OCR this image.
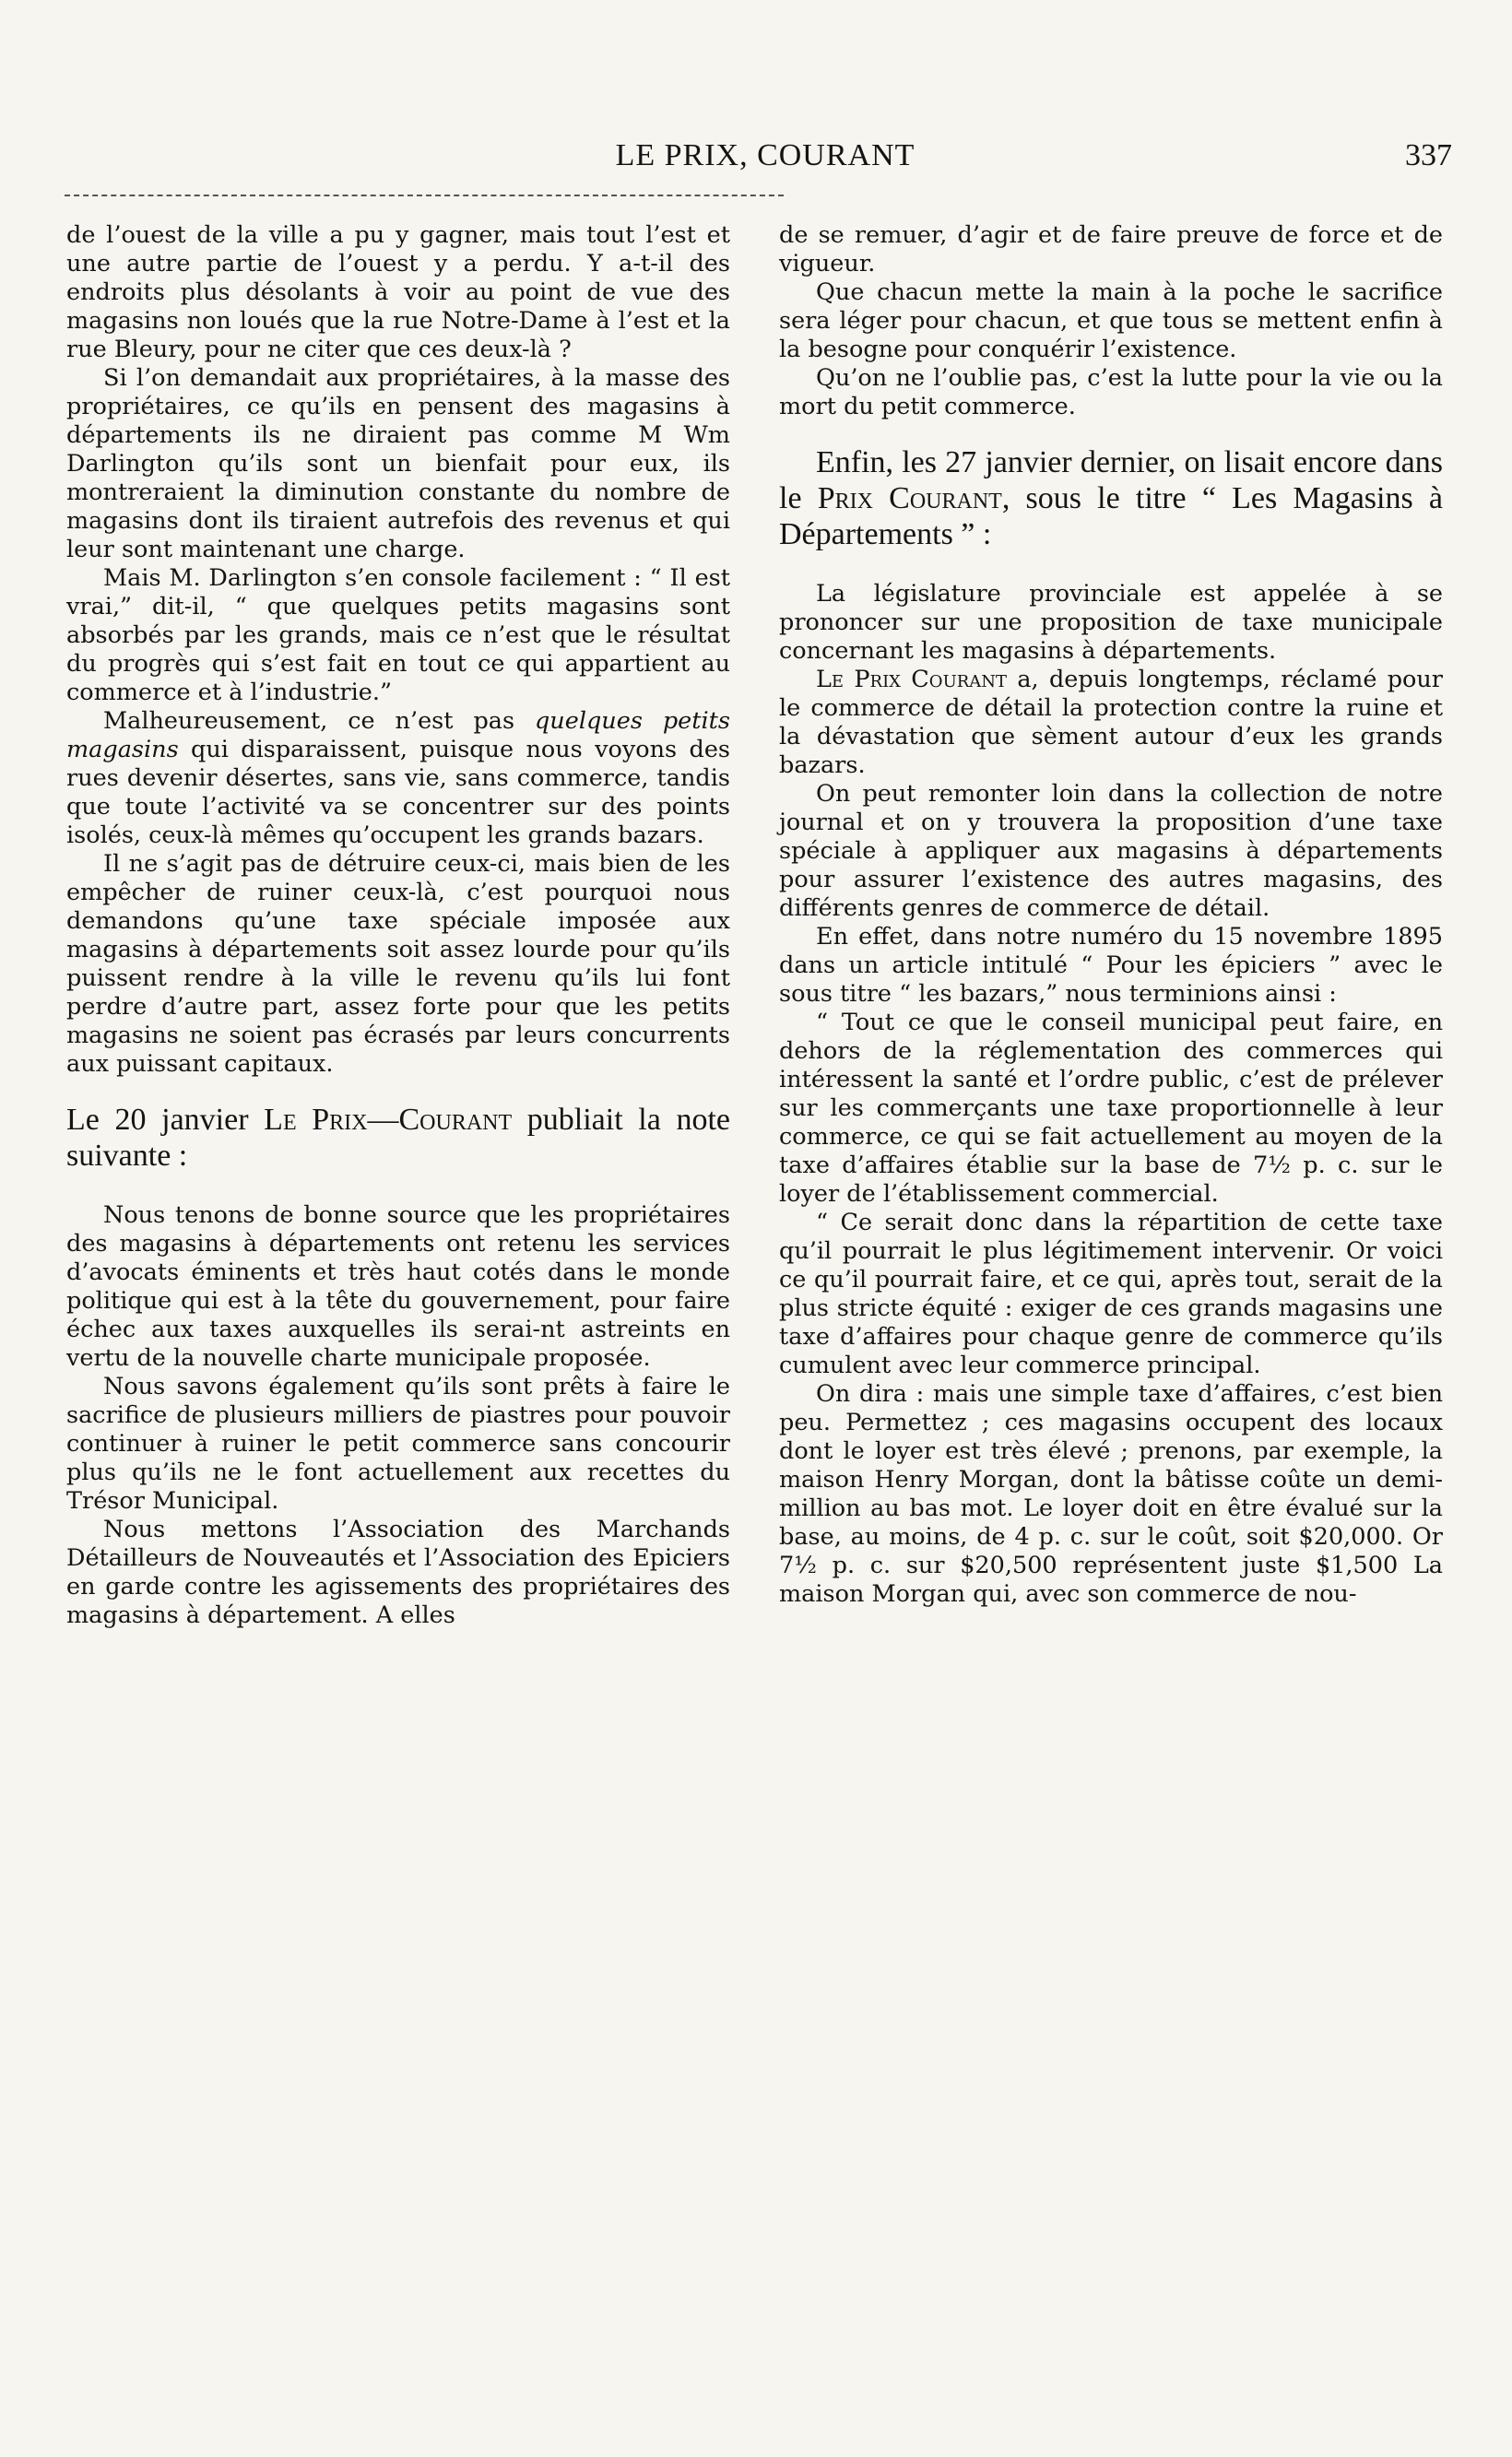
LE PRIX, COURANT	337

de l’ouest de la ville a pu y gagner, mais tout l’est et une autre partie de l’ouest y a perdu. Y a-t-il des endroits plus désolants à voir au point de vue des magasins non loués que la rue Notre-Dame à l’est et la rue Bleury, pour ne citer que ces deux-là ?

Si l’on demandait aux propriétaires, à la masse des propriétaires, ce qu’ils en pensent des magasins à départements ils ne diraient pas comme M Wm Darlington qu’ils sont un bienfait pour eux, ils montreraient la diminution constante du nombre de magasins dont ils tiraient autrefois des revenus et qui leur sont maintenant une charge.

Mais M. Darlington s’en console facilement : “ Il est vrai,” dit-il, “ que quelques petits magasins sont absorbés par les grands, mais ce n’est que le résultat du progrès qui s’est fait en tout ce qui appartient au commerce et à l’industrie.”

Malheureusement, ce n’est pas quelques petits magasins qui disparaissent, puisque nous voyons des rues devenir désertes, sans vie, sans commerce, tandis que toute l’activité va se concentrer sur des points isolés, ceux-là mêmes qu’occupent les grands bazars.

Il ne s’agit pas de détruire ceux-ci, mais bien de les empêcher de ruiner ceux-là, c’est pourquoi nous demandons qu’une taxe spéciale imposée aux magasins à départements soit assez lourde pour qu’ils puissent rendre à la ville le revenu qu’ils lui font perdre d’autre part, assez forte pour que les petits magasins ne soient pas écrasés par leurs concurrents aux puissant capitaux.

Le 20 janvier Le Prix—Courant publiait la note suivante :

Nous tenons de bonne source que les propriétaires des magasins à départements ont retenu les services d’avocats éminents et très haut cotés dans le monde politique qui est à la tête du gouvernement, pour faire échec aux taxes auxquelles ils serai-nt astreints en vertu de la nouvelle charte municipale proposée.

Nous savons également qu’ils sont prêts à faire le sacrifice de plusieurs milliers de piastres pour pouvoir continuer à ruiner le petit commerce sans concourir plus qu’ils ne le font actuellement aux recettes du Trésor Municipal.

Nous mettons l’Association des Marchands Détailleurs de Nouveautés et l’Association des Epiciers en garde contre les agissements des propriétaires des magasins à département. A elles

de se remuer, d’agir et de faire preuve de force et de vigueur.

Que chacun mette la main à la poche le sacrifice sera léger pour chacun, et que tous se mettent enfin à la besogne pour conquérir l’existence.

Qu’on ne l’oublie pas, c’est la lutte pour la vie ou la mort du petit commerce.

Enfin, les 27 janvier dernier, on lisait encore dans le Prix Courant, sous le titre “ Les Magasins à Départements ” :

La législature provinciale est appelée à se prononcer sur une proposition de taxe municipale concernant les magasins à départements.

Le Prix Courant a, depuis longtemps, réclamé pour le commerce de détail la protection contre la ruine et la dévastation que sèment autour d’eux les grands bazars.

On peut remonter loin dans la collection de notre journal et on y trouvera la proposition d’une taxe spéciale à appliquer aux magasins à départements pour assurer l’existence des autres magasins, des différents genres de commerce de détail.

En effet, dans notre numéro du 15 novembre 1895 dans un article intitulé “ Pour les épiciers ” avec le sous titre “ les bazars,” nous terminions ainsi :

“ Tout ce que le conseil municipal peut faire, en dehors de la réglementation des commerces qui intéressent la santé et l’ordre public, c’est de prélever sur les commerçants une taxe proportionnelle à leur commerce, ce qui se fait actuellement au moyen de la taxe d’affaires établie sur la base de 7½ p. c. sur le loyer de l’établissement commercial.

“ Ce serait donc dans la répartition de cette taxe qu’il pourrait le plus légitimement intervenir. Or voici ce qu’il pourrait faire, et ce qui, après tout, serait de la plus stricte équité : exiger de ces grands magasins une taxe d’affaires pour chaque genre de commerce qu’ils cumulent avec leur commerce principal.

On dira : mais une simple taxe d’affaires, c’est bien peu. Permettez ; ces magasins occupent des locaux dont le loyer est très élevé ; prenons, par exemple, la maison Henry Morgan, dont la bâtisse coûte un demi-million au bas mot. Le loyer doit en être évalué sur la base, au moins, de 4 p. c. sur le coût, soit $20,000. Or 7½ p. c. sur $20,500 représentent juste $1,500 La maison Morgan qui, avec son commerce de nou-
